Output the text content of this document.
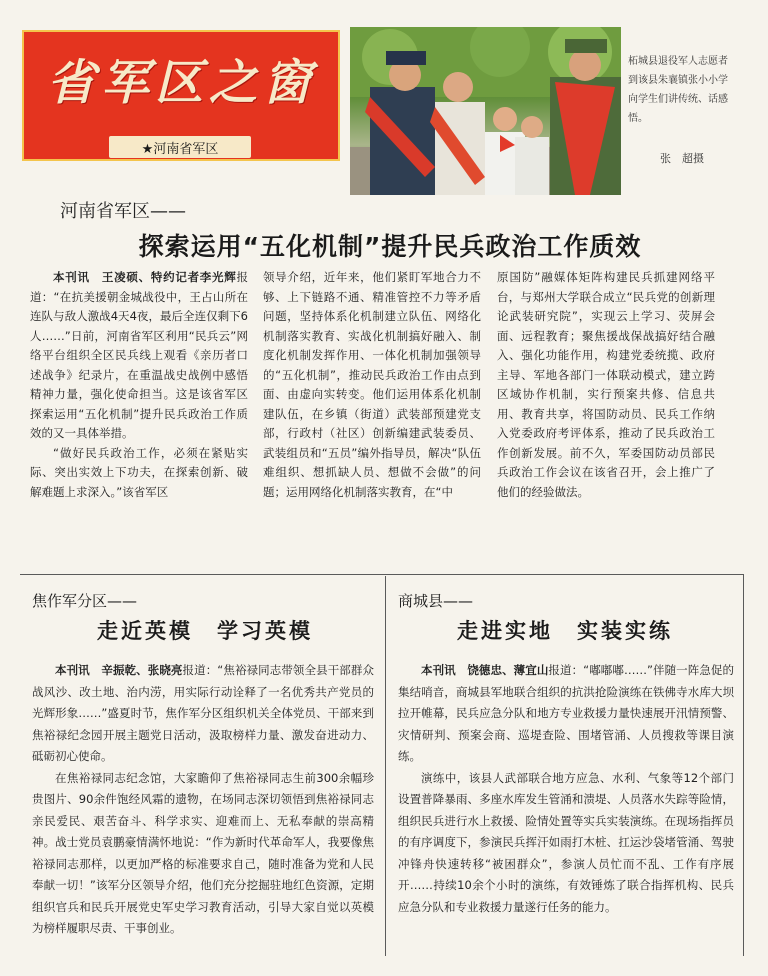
省军区之窗
★河南省军区
柘城县退役军人志愿者到该县朱襄镇张小小学向学生们讲传统、话感悟。
张　超摄
河南省军区——
探索运用“五化机制”提升民兵政治工作质效

本刊讯　王凌硕、特约记者李光辉报道：“在抗美援朝金城战役中，王占山所在连队与敌人激战4天4夜，最后全连仅剩下6人……”日前，河南省军区利用“民兵云”网络平台组织全区民兵线上观看《亲历者口述战争》纪录片，在重温战史战例中感悟精神力量，强化使命担当。这是该省军区探索运用“五化机制”提升民兵政治工作质效的又一具体举措。

“做好民兵政治工作，必须在紧贴实际、突出实效上下功夫，在探索创新、破解难题上求深入。”该省军区

领导介绍，近年来，他们紧盯军地合力不够、上下链路不通、精准管控不力等矛盾问题，坚持体系化机制建立队伍、网络化机制落实教育、实战化机制搞好融入、制度化机制发挥作用、一体化机制加强领导的“五化机制”，推动民兵政治工作由点到面、由虚向实转变。他们运用体系化机制建队伍，在乡镇（街道）武装部预建党支部，行政村（社区）创新编建武装委员、武装组员和“五员”编外指导员，解决“队伍难组织、想抓缺人员、想做不会做”的问题；运用网络化机制落实教育，在“中

原国防”融媒体矩阵构建民兵抓建网络平台，与郑州大学联合成立“民兵党的创新理论武装研究院”，实现云上学习、荧屏会面、远程教育；聚焦援战保战搞好结合融入、强化功能作用，构建党委统揽、政府主导、军地各部门一体联动模式，建立跨区域协作机制，实行预案共修、信息共用、教育共享，将国防动员、民兵工作纳入党委政府考评体系，推动了民兵政治工作创新发展。前不久，军委国防动员部民兵政治工作会议在该省召开，会上推广了他们的经验做法。

焦作军分区——
走近英模　学习英模

本刊讯　辛振乾、张晓亮报道：“焦裕禄同志带领全县干部群众战风沙、改土地、治内涝，用实际行动诠释了一名优秀共产党员的光辉形象……”盛夏时节，焦作军分区组织机关全体党员、干部来到焦裕禄纪念园开展主题党日活动，汲取榜样力量、激发奋进动力、砥砺初心使命。

在焦裕禄同志纪念馆，大家瞻仰了焦裕禄同志生前300余幅珍贵图片、90余件饱经风霜的遗物，在场同志深切领悟到焦裕禄同志亲民爱民、艰苦奋斗、科学求实、迎难而上、无私奉献的崇高精神。战士党员袁鹏豪情满怀地说：“作为新时代革命军人，我要像焦裕禄同志那样，以更加严格的标准要求自己，随时准备为党和人民奉献一切！”该军分区领导介绍，他们充分挖掘驻地红色资源，定期组织官兵和民兵开展党史军史学习教育活动，引导大家自觉以英模为榜样履职尽责、干事创业。

商城县——
走进实地　实装实练

本刊讯　饶德忠、薄宜山报道：“嘟嘟嘟……”伴随一阵急促的集结哨音，商城县军地联合组织的抗洪抢险演练在铁佛寺水库大坝拉开帷幕，民兵应急分队和地方专业救援力量快速展开汛情预警、灾情研判、预案会商、巡堤查险、围堵管涌、人员搜救等课目演练。

演练中，该县人武部联合地方应急、水利、气象等12个部门设置普降暴雨、多座水库发生管涌和溃堤、人员落水失踪等险情，组织民兵进行水上救援、险情处置等实兵实装演练。在现场指挥员的有序调度下，参演民兵挥汗如雨打木桩、扛运沙袋堵管涌、驾驶冲锋舟快速转移“被困群众”，参演人员忙而不乱、工作有序展开……持续10余个小时的演练，有效锤炼了联合指挥机构、民兵应急分队和专业救援力量遂行任务的能力。
